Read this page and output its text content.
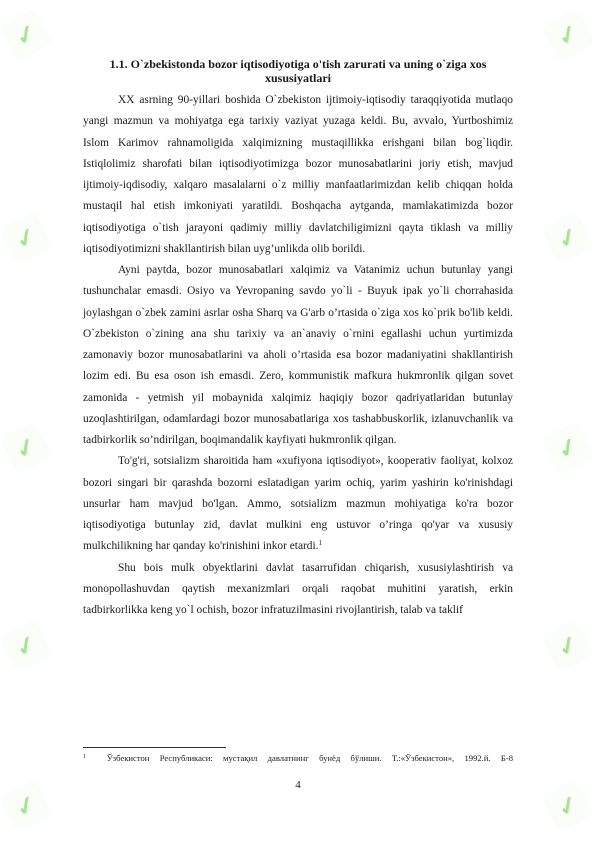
✓	✓
✓	✓
✓	✓
✓	✓
✓	✓
1.1. O`zbekistonda bozor iqtisodiyotiga o'tish zarurati va uning o`ziga xos xususiyatlari

XX asrning 90-yillari boshida O`zbekiston ijtimoiy-iqtisodiy taraqqiyotida mutlaqo yangi mazmun va mohiyatga ega tarixiy vaziyat yuzaga keldi. Bu, avvalo, Yurtboshimiz Islom Karimov rahnamoligida xalqimizning mustaqillikka erishgani bilan bog`liqdir. Istiqlolimiz sharofati bilan iqtisodiyotimizga bozor munosabatlarini joriy etish, mavjud ijtimoiy-iqdisodiy, xalqaro masalalarni o`z milliy manfaatlarimizdan kelib chiqqan holda mustaqil hal etish imkoniyati yaratildi. Boshqacha aytganda, mamlakatimizda bozor iqtisodiyotiga o`tish jarayoni qadimiy milliy davlatchiligimizni qayta tiklash va milliy iqtisodiyotimizni shakllantirish bilan uyg’unlikda olib borildi.

Ayni paytda, bozor munosabatlari xalqimiz va Vatanimiz uchun butunlay yangi tushunchalar emasdi. Osiyo va Yevropaning savdo yo`li - Buyuk ipak yo`li chorrahasida joylashgan o`zbek zamini asrlar osha Sharq va G'arb o’rtasida o`ziga xos ko`prik bo'lib keldi. O`zbekiston o`zining ana shu tarixiy va an`anaviy o`rnini egallashi uchun yurtimizda zamonaviy bozor munosabatlarini va aholi o’rtasida esa bozor madaniyatini shakllantirish lozim edi. Bu esa oson ish emasdi. Zero, kommunistik mafkura hukmronlik qilgan sovet zamonida - yetmish yil mobaynida xalqimiz haqiqiy bozor qadriyatlaridan butunlay uzoqlashtirilgan, odamlardagi bozor munosabatlariga xos tashabbuskorlik, izlanuvchanlik va tadbirkorlik so’ndirilgan, boqimandalik kayfiyati hukmronlik qilgan.

To'g'ri, sotsializm sharoitida ham «xufiyona iqtisodiyot», kooperativ faoliyat, kolxoz bozori singari bir qarashda bozorni eslatadigan yarim ochiq, yarim yashirin ko'rinishdagi unsurlar ham mavjud bo'lgan. Ammo, sotsializm mazmun mohiyatiga ko'ra bozor iqtisodiyotiga butunlay zid, davlat mulkini eng ustuvor o’ringa qo'yar va xususiy mulkchilikning har qanday ko'rinishini inkor etardi.$^1$

Shu bois mulk obyektlarini davlat tasarrufidan chiqarish, xususiylashtirish va monopollashuvdan qaytish mexanizmlari orqali raqobat muhitini yaratish, erkin tadbirkorlikka keng yo`l ochish, bozor infratuzilmasini rivojlantirish, talab va taklif

$^1$ Ўзбекистон Республикаси: мустақил давлатнинг бунёд бўлиши. Т.:«Ўзбекистон», 1992.й. Б-8
4
